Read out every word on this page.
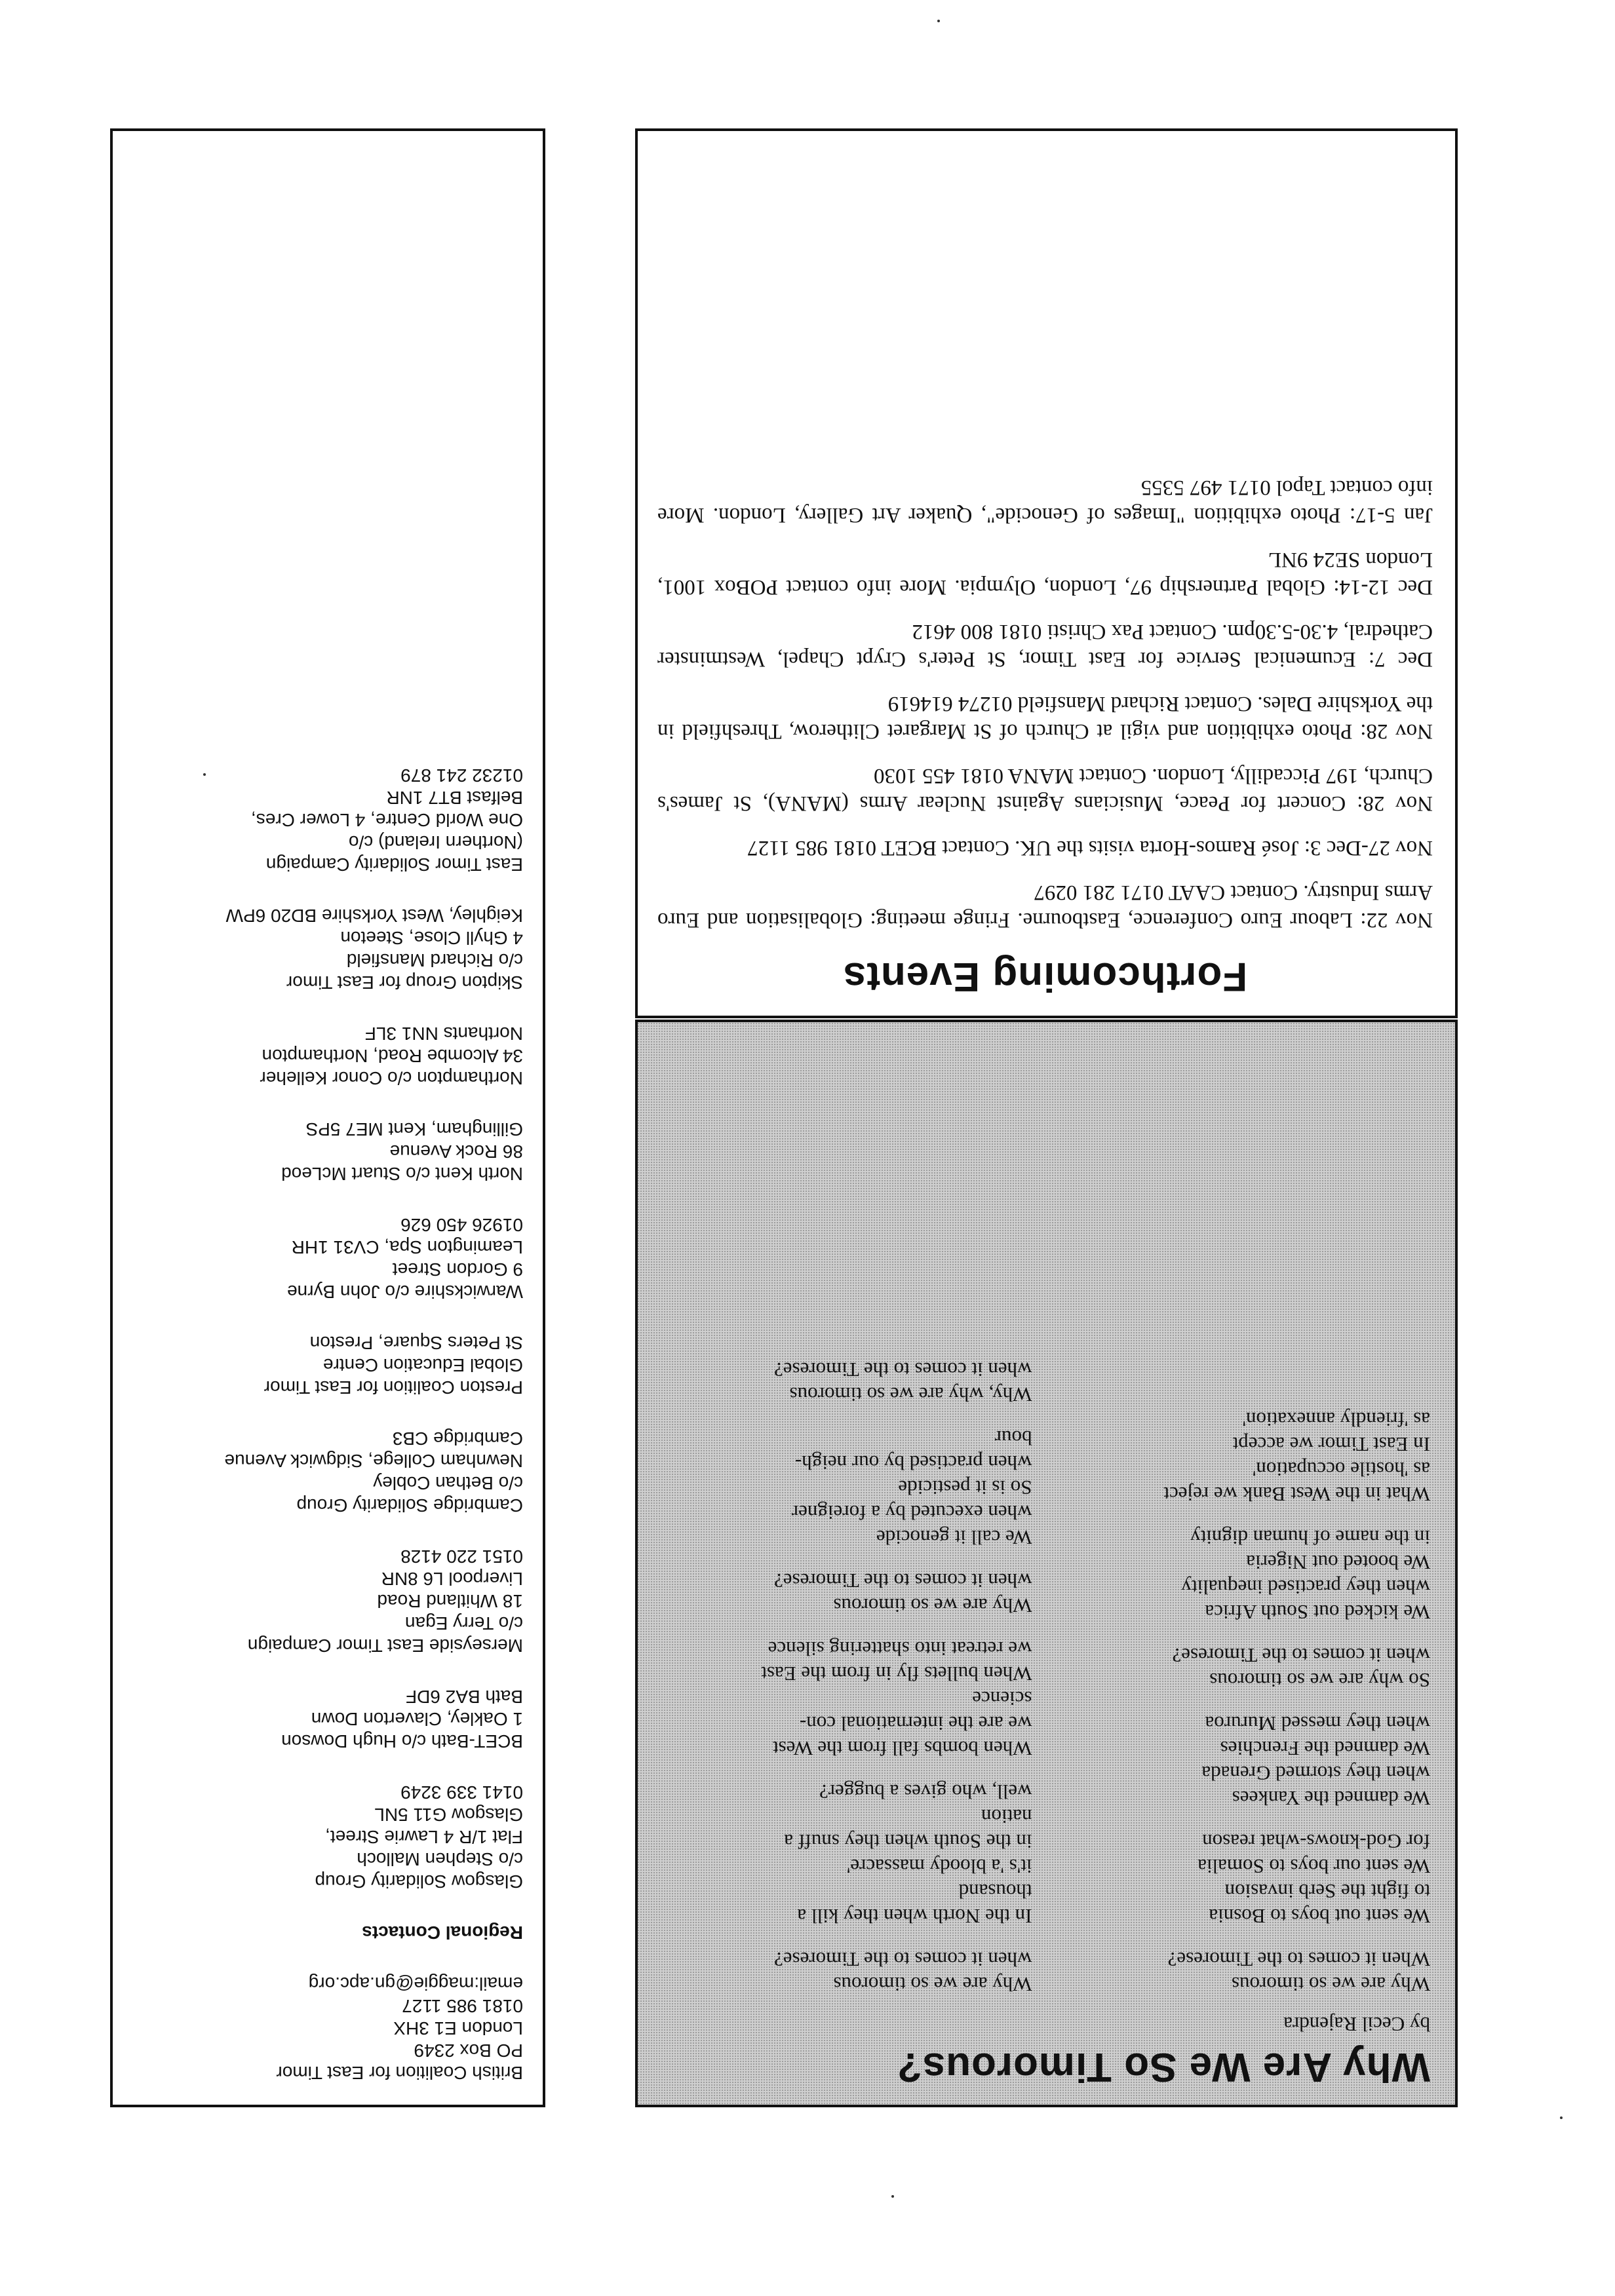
Why Are We So Timorous?
by Cecil Rajendra
Why are we so timorous
When it comes to the Timorese?
We sent out boys to Bosnia
to fight the Serb invasion
We sent our boys to Somalia
for God-knows-what reason
We damned the Yankees
when they stormed Grenada
We damned the Frenchies
when they messed Mururoa
So why are we so timorous
when it comes to the Timorese?
We kicked out South Africa
when they practised inequality
We booted out Nigeria
in the name of human dignity
What in the West Bank we reject
as 'hostile occupation'
In East Timor we accept
as 'friendly annexation'
Why are we so timorous
when it comes to the Timorese?
In the North when they kill a
thousand
it's 'a bloody massacre'
in the South when they snuff a
nation
well, who gives a bugger?
When bombs fall from the West
we are the international con-
science
When bullets fly in from the East
we retreat into shattering silence
Why are we so timorous
when it comes to the Timorese?
We call it genocide
when executed by a foreigner
So is it pesticide
when practised by our neigh-
bour
Why, why are we so timorous
when it comes to the Timorese?
Forthcoming Events
Nov 22: Labour Euro Conference, Eastbourne. Fringe meeting: Globalisation and Euro Arms Industry. Contact CAAT 0171 281 0297
Nov 27-Dec 3: José Ramos-Horta visits the UK. Contact BCET 0181 985 1127
Nov 28: Concert for Peace, Musicians Against Nuclear Arms (MANA), St James's Church, 197 Piccadilly, London. Contact MANA 0181 455 1030
Nov 28: Photo exhibition and vigil at Church of St Margaret Clitherow, Threshfield in the Yorkshire Dales. Contact Richard Mansfield 01274 614619
Dec 7: Ecumenical Service for East Timor, St Peter's Crypt Chapel, Westminster Cathedral, 4.30-5.30pm. Contact Pax Christi 0181 800 4612
Dec 12-14: Global Partnership 97, London, Olympia. More info contact POBox 1001, London SE24 9NL
Jan 5-17: Photo exhibition "Images of Genocide", Quaker Art Gallery, London. More info contact Tapol 0171 497 5355
British Coalition for East Timor
PO Box 2349
London E1 3HX
0181 985 1127
email:maggie@gn.apc.org
Regional Contacts
Glasgow Solidarity Group
c/o Stephen Malloch
Flat 1/R 4 Lawrie Street,
Glasgow G11 5NL
0141 339 3249
BCET-Bath c/o Hugh Dowson
1 Oakley, Claverton Down
Bath BA2 6DF
Merseyside East Timor Campaign
c/o Terry Egan
18 Whitland Road
Liverpool L6 8NR
0151 220 4128
Cambridge Solidarity Group
c/o Bethan Cobley
Newnham College, Sidgwick Avenue
Cambridge CB3
Preston Coalition for East Timor
Global Education Centre
St Peters Square, Preston
Warwickshire c/o John Byrne
9 Gordon Street
Leamington Spa, CV31 1HR
01926 450 626
North Kent c/o Stuart McLeod
86 Rock Avenue
Gillingham, Kent ME7 5PS
Northampton c/o Conor Kelleher
34 Alcombe Road, Northampton
Northants NN1 3LF
Skipton Group for East Timor
c/o Richard Mansfield
4 Ghyll Close, Steeton
Keighley, West Yorkshire BD20 6PW
East Timor Solidarity Campaign
(Northern Ireland) c/o
One World Centre, 4 Lower Cres,
Belfast BT7 1NR
01232 241 879
